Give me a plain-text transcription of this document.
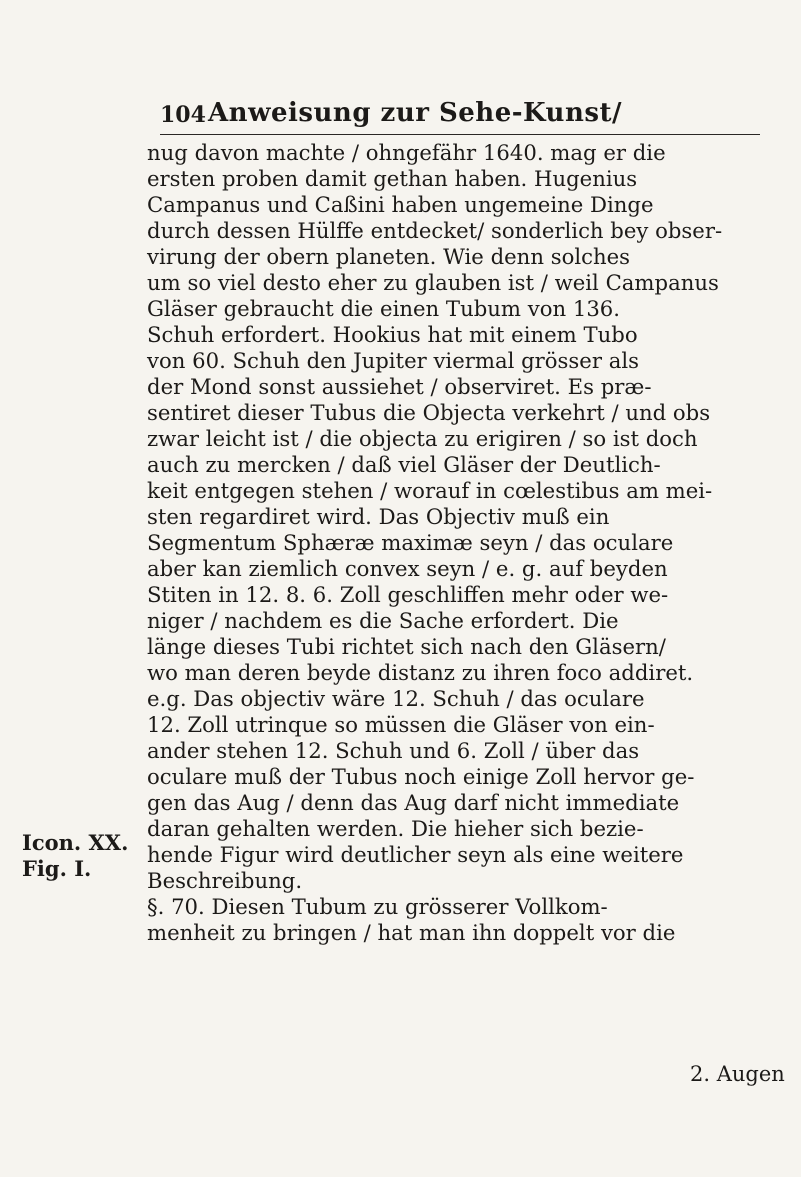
104 Anweisung zur Sehe-Kunst/
nug davon machte / ohngefähr 1640. mag er die
ersten proben damit gethan haben. Hugenius
Campanus und Caßini haben ungemeine Dinge
durch dessen Hülffe entdecket/ sonderlich bey obser-
virung der obern planeten. Wie denn solches
um so viel desto eher zu glauben ist / weil Campanus
Gläser gebraucht die einen Tubum von 136.
Schuh erfordert. Hookius hat mit einem Tubo
von 60. Schuh den Jupiter viermal grösser als
der Mond sonst aussiehet / observiret. Es præ-
sentiret dieser Tubus die Objecta verkehrt / und obs
zwar leicht ist / die objecta zu erigiren / so ist doch
auch zu mercken / daß viel Gläser der Deutlich-
keit entgegen stehen / worauf in cœlestibus am mei-
sten regardiret wird. Das Objectiv muß ein
Segmentum Sphæræ maximæ seyn / das oculare
aber kan ziemlich convex seyn / e. g. auf beyden
Stiten in 12. 8. 6. Zoll geschliffen mehr oder we-
niger / nachdem es die Sache erfordert. Die
länge dieses Tubi richtet sich nach den Gläsern/
wo man deren beyde distanz zu ihren foco addiret.
e.g. Das objectiv wäre 12. Schuh / das oculare
12. Zoll utrinque so müssen die Gläser von ein-
ander stehen 12. Schuh und 6. Zoll / über das
oculare muß der Tubus noch einige Zoll hervor ge-
gen das Aug / denn das Aug darf nicht immediate
daran gehalten werden. Die hieher sich bezie-
hende Figur wird deutlicher seyn als eine weitere
Beschreibung.
§. 70. Diesen Tubum zu grösserer Vollkom-
menheit zu bringen / hat man ihn doppelt vor die
Icon. XX.
Fig. I.
2. Augen
